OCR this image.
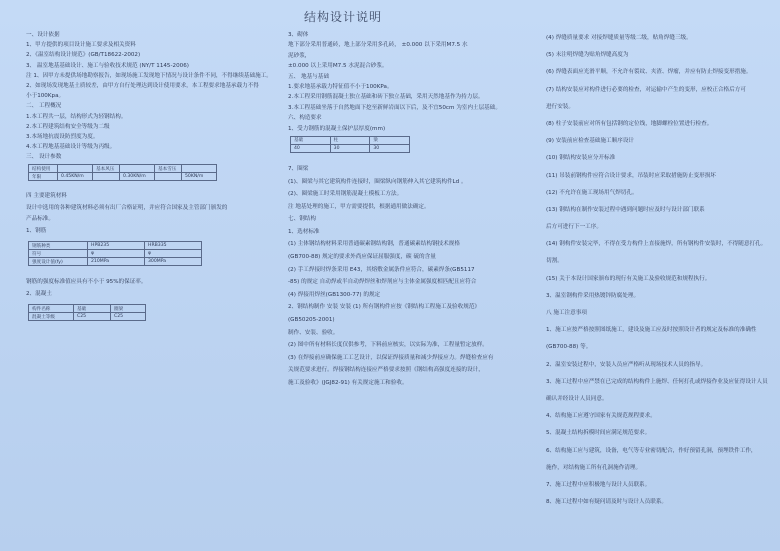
结构设计说明
一、设计依据
1、甲方提供的项目设计施工要求及相关资料
2、《温室结构设计规范》(GB/T18622-2002)
3、 温室地基基础设计、施工与验收技术规范 (NY/T 1145-2006)
注 1、因甲方未提供场地勘察报告，如现场施工发现地下情况与设计条件不同，不得继续基础施工。
2、如现场发现地基土质较差，由甲方自行处理达到设计使用要求，本工程要求地基承载力不得
小于100Kpa。
二、 工程概况
1.本工程共一层，结构形式为轻钢结构。
2.本工程建筑结构安全等级为二级
3.本场地抗震设防烈度为度。
4.本工程地基基础设计等级为丙级。
三、 设计参数
结构使用		基本风压		基本雪压	
年限	0.45KN/m		0.30KN/m		50KN/m
四 主要建筑材料
设计中选用的各种建筑材料必须有出厂合格证明，并应符合国家及主管部门颁发的
产品标准。
1、钢筋
钢筋种类	HPB235	HRB335
符号	φ	φ
强度设计值(fy)	210MPa	300MPa
钢筋的强度标准值应具有不小于 95%的保证率。
2、混凝土
构件名称	基础	圈梁
混凝土等级	C25	C25
3、砌体
地下部分采用普通砖，地上部分采用多孔砖， ±0.000 以下采用M7.5 水
泥砂浆，
±0.000 以上采用M7.5 水泥混合砂浆。
五、 地基与基础
1.要求地基承载力特征值不小于100KPa。
2.本工程采用钢筋混凝土独立基础和砖下独立基础，采用天然地基作为持力层。
3.本工程基础坐落于自然地面下挖至新鲜岩面以下后，及不宜50cm 为室内土层基础。
六、构造要求
1、受力钢筋的混凝土保护层厚度(mm)
基础	柱	梁
40	30	30
7、圈梁
(1)、圈梁与其它建筑构件连接时，圈梁纵向钢筋伸入其它建筑构件Ld 。
(2)、圈梁施工时采用钢筋混凝土模板工方法。
注 地基处理的施工，甲方需要提供，根据通用做法确定。
七、钢结构
1、选材标准
(1) 主体钢结构材料采用普通碳素钢结构钢，普通碳素结构钢技术规格
(GB700-88) 规定的要求外尚应保证屈服强度，碳 硫的含量
(2) 手工焊接时焊条采用 E43，其熔敷金属条件应符合，碳素焊条(GB5117
-85) 的规定 自动焊或半自动焊焊丝和焊剂应与主体金属强度相匹配且应符合
(4) 焊接用焊丝(GB1300-77) 的规定
2、钢结构制作 安装 安装 (1) 所有钢构件应按《钢结构工程施工及验收规范》
(GB50205-2001)
制作、安装、验收。
(2) 图中所有材料长度仅供参考，下料前应核实，以实际为准，工程量暂定放样。
(3) 在焊接前应确保施工工艺设计，以保证焊接质量和减少焊接应力。焊缝检查应有
关规范要求进行。焊接钢结构连接应严格要求按照《钢结构高强度连接的设计，
施工及验收》(JGJ82-91) 有关规定施工和验收。
(4) 焊缝质量要求 对接焊缝质量等级二级，贴角焊缝三级。
(5) 未注明焊缝为贴角焊缝高度为
(6) 焊缝表面应光滑平顺，不允许有裂纹、夹渣、焊瘤，并应有防止焊接变形措施。
(7) 结构安装应对构件进行必要的检查，对运输中产生的变形，应校正合格后方可
进行安装。
(8) 柱子安装前应对所有包括钢的定位线，地脚螺栓位置进行检查。
(9) 安装前应检查基础施工顺序设计
(10) 钢结构安装应分开标准
(11) 吊装前钢构件应符合设计要求，吊装时应采取措施防止变形损坏
(12) 不允许在施工现场用气焊切孔。
(13) 钢结构在制作安装过程中遇到问题时应及时与设计部门联系
后方可进行下一工序。
(14) 钢构件安装完毕，不得在受力构件上直接施焊，所有钢构件安装时，不得随意打孔。
切割。
(15) 关于本设计国家颁布的现行有关施工及验收规范和规程执行。
3、温室钢构件采用热镀锌防腐处理。
八 施工注意事项
1、施工应按严格按照图纸施工，建设及施工应及时按照设计者的规定及标准的准确性
(GB700-88) 等。
2、温室安装过程中，安装人员应严格听从现场技术人员的指导。
3、施工过程中应严禁在已完成的结构构件上施焊、任何打孔或焊接作业及应征得设计人员
确认并经设计人员同意。
4、结构施工应遵守国家有关规范规程要求。
5、混凝土结构拆模时间应满足规范要求。
6、结构施工应与建筑，设备，电气等专业密切配合，作好预留孔洞，预埋铁件工作，
施作，对结构施工所有孔洞施作清理。
7、施工过程中应积极地与设计人员联系。
8、施工过程中如有疑问请及时与设计人员联系。
